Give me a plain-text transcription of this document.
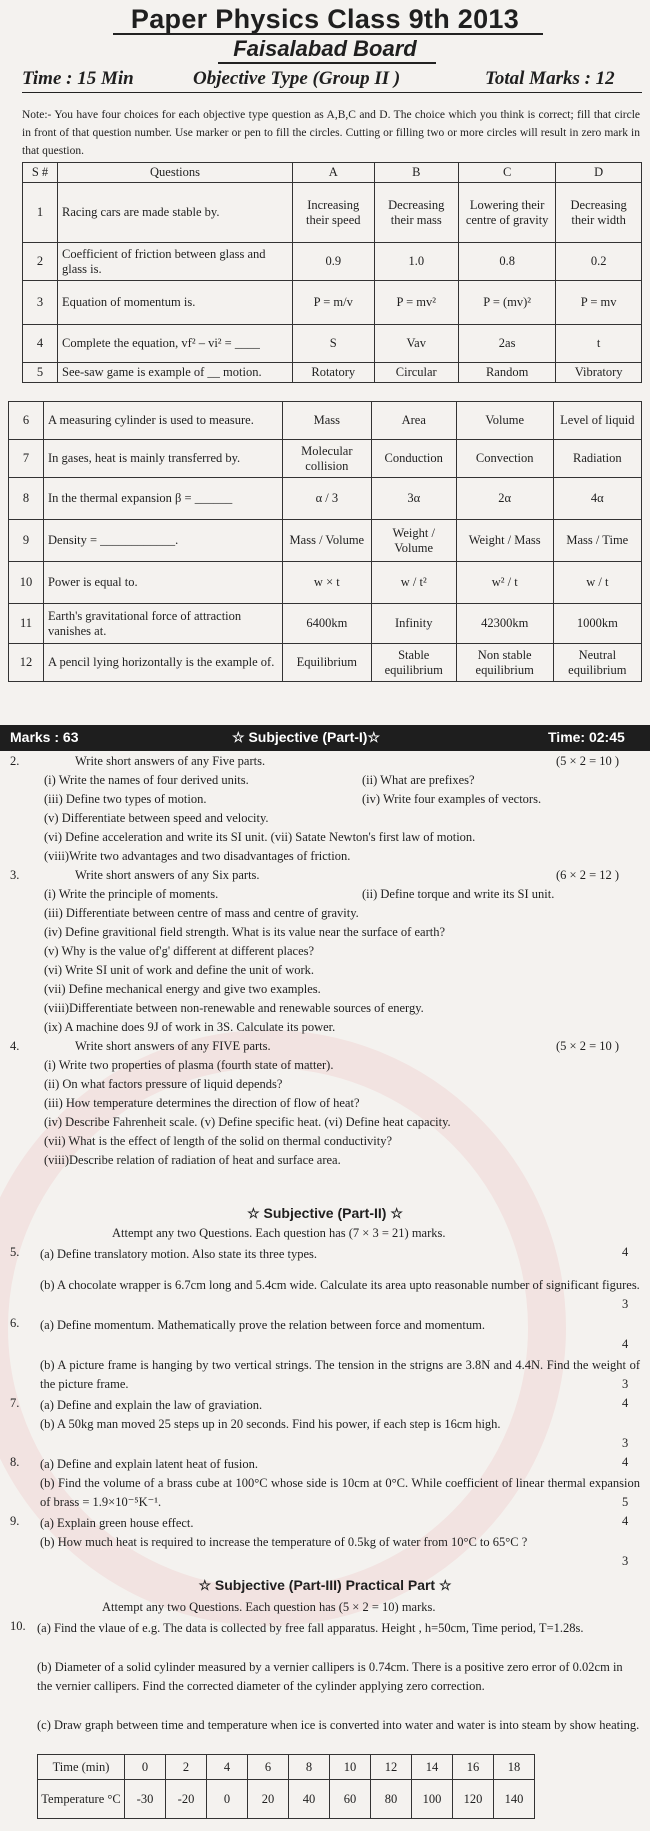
Paper Physics Class 9th 2013
Faisalabad Board
Time : 15 Min	Objective Type (Group II )	Total Marks : 12
Note:- You have four choices for each objective type question as A,B,C and D. The choice which you think is correct; fill that circle in front of that question number. Use marker or pen to fill the circles. Cutting or filling two or more circles will result in zero mark in that question.
S #	Questions	A	B	C	D
1	Racing cars are made stable by.	Increasing their speed	Decreasing their mass	Lowering their centre of gravity	Decreasing their width
2	Coefficient of friction between glass and glass is.	0.9	1.0	0.8	0.2
3	Equation of momentum is.	P = m/v	P = mv²	P = (mv)²	P = mv
4	Complete the equation, vf² – vi² = ____	S	Vav	2as	t
5	See-saw game is example of __ motion.	Rotatory	Circular	Random	Vibratory
6	A measuring cylinder is used to measure.	Mass	Area	Volume	Level of liquid
7	In gases, heat is mainly transferred by.	Molecular collision	Conduction	Convection	Radiation
8	In the thermal expansion β = ______	α / 3	3α	2α	4α
9	Density = ____________.	Mass / Volume	Weight / Volume	Weight / Mass	Mass / Time
10	Power is equal to.	w × t	w / t²	w² / t	w / t
11	Earth's gravitational force of attraction vanishes at.	6400km	Infinity	42300km	1000km
12	A pencil lying horizontally is the example of.	Equilibrium	Stable equilibrium	Non stable equilibrium	Neutral equilibrium
Marks : 63	☆ Subjective (Part-I)☆	Time: 02:45
2.	Write short answers of any Five parts.	(5 × 2 = 10 )
(i) Write the names of four derived units.	(ii) What are prefixes?
(iii) Define two types of motion.	(iv) Write four examples of vectors.
(v) Differentiate between speed and velocity.
(vi) Define acceleration and write its SI unit. (vii) Satate Newton's first law of motion.
(viii)Write two advantages and two disadvantages of friction.
3.	Write short answers of any Six parts.	(6 × 2 = 12 )
(i) Write the principle of moments.	(ii) Define torque and write its SI unit.
(iii) Differentiate between centre of mass and centre of gravity.
(iv) Define gravitional field strength. What is its value near the surface of earth?
(v) Why is the value of'g' different at different places?
(vi) Write SI unit of work and define the unit of work.
(vii) Define mechanical energy and give two examples.
(viii)Differentiate between non-renewable and renewable sources of energy.
(ix) A machine does 9J of work in 3S. Calculate its power.
4.	Write short answers of any FIVE parts.	(5 × 2 = 10 )
(i) Write two properties of plasma (fourth state of matter).
(ii) On what factors pressure of liquid depends?
(iii) How temperature determines the direction of flow of heat?
(iv) Describe Fahrenheit scale. (v) Define specific heat. (vi) Define heat capacity.
(vii) What is the effect of length of the solid on thermal conductivity?
(viii)Describe relation of radiation of heat and surface area.
☆ Subjective (Part-II) ☆
Attempt any two Questions. Each question has (7 × 3 = 21) marks.
5. (a) Define translatory motion. Also state its three types.	4
(b) A chocolate wrapper is 6.7cm long and 5.4cm wide. Calculate its area upto reasonable number of significant figures.
3
6. (a) Define momentum. Mathematically prove the relation between force and momentum.
4
(b) A picture frame is hanging by two vertical strings. The tension in the strigns are 3.8N and 4.4N. Find the weight of the picture frame.	3
7. (a) Define and explain the law of graviation.	4
(b) A 50kg man moved 25 steps up in 20 seconds. Find his power, if each step is 16cm high.
3
8. (a) Define and explain latent heat of fusion.	4
(b) Find the volume of a brass cube at 100°C whose side is 10cm at 0°C. While coefficient of linear thermal expansion of brass = 1.9×10⁻⁵K⁻¹.	5
9. (a) Explain green house effect.	4
(b) How much heat is required to increase the temperature of 0.5kg of water from 10°C to 65°C ?
3
☆ Subjective (Part-III) Practical Part ☆
Attempt any two Questions. Each question has (5 × 2 = 10) marks.
10. (a) Find the vlaue of e.g. The data is collected by free fall apparatus. Height , h=50cm, Time period, T=1.28s.
(b) Diameter of a solid cylinder measured by a vernier callipers is 0.74cm. There is a positive zero error of 0.02cm in the vernier callipers. Find the corrected diameter of the cylinder applying zero correction.
(c) Draw graph between time and temperature when ice is converted into water and water is into steam by show heating.
Time (min)	0	2	4	6	8	10	12	14	16	18
Temperature °C	-30	-20	0	20	40	60	80	100	120	140
